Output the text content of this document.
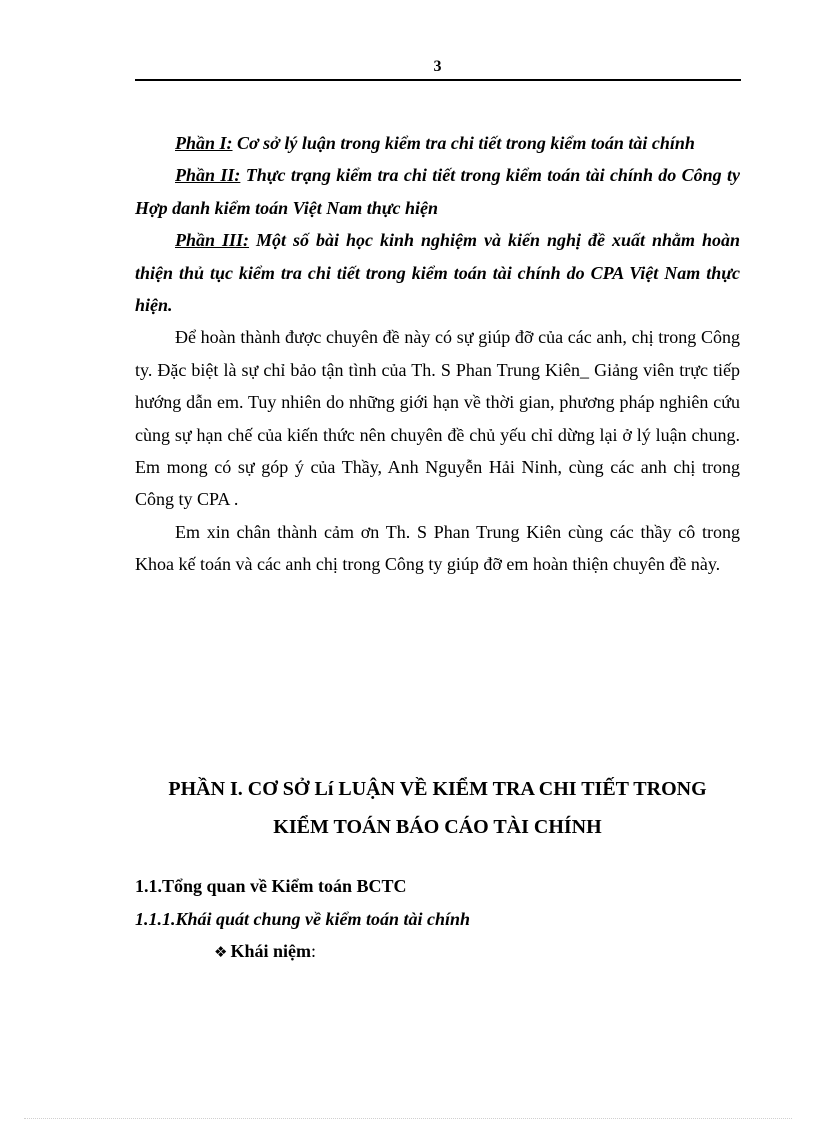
3

Phần I: Cơ sở lý luận trong kiểm tra chi tiết trong kiểm toán tài chính

Phần II: Thực trạng kiểm tra chi tiết trong kiểm toán tài chính do Công ty Hợp danh kiểm toán Việt Nam thực hiện

Phần III: Một số bài học kinh nghiệm và kiến nghị đề xuất nhằm hoàn thiện thủ tục kiểm tra chi tiết trong kiểm toán tài chính do CPA Việt Nam thực hiện.

Để hoàn thành được chuyên đề này có sự giúp đỡ của các anh, chị trong Công ty. Đặc biệt là sự chỉ bảo tận tình của Th. S Phan Trung Kiên_ Giảng viên trực tiếp hướng dẫn em. Tuy nhiên do những giới hạn về thời gian, phương pháp nghiên cứu cùng sự hạn chế của kiến thức nên chuyên đề chủ yếu chỉ dừng lại ở lý luận chung. Em mong có sự góp ý của Thầy, Anh Nguyễn Hải Ninh, cùng các anh chị trong Công ty CPA .

Em xin chân thành cảm ơn Th. S Phan Trung Kiên cùng các thầy cô trong Khoa kế toán và các anh chị trong Công ty giúp đỡ em hoàn thiện chuyên đề này.

PHẦN I. CƠ SỞ Lí LUẬN VỀ KIỂM TRA CHI TIẾT TRONG
KIỂM TOÁN BÁO CÁO TÀI CHÍNH
1.1.Tổng quan về Kiểm toán BCTC
1.1.1.Khái quát chung về kiểm toán tài chính

❖ Khái niệm:
